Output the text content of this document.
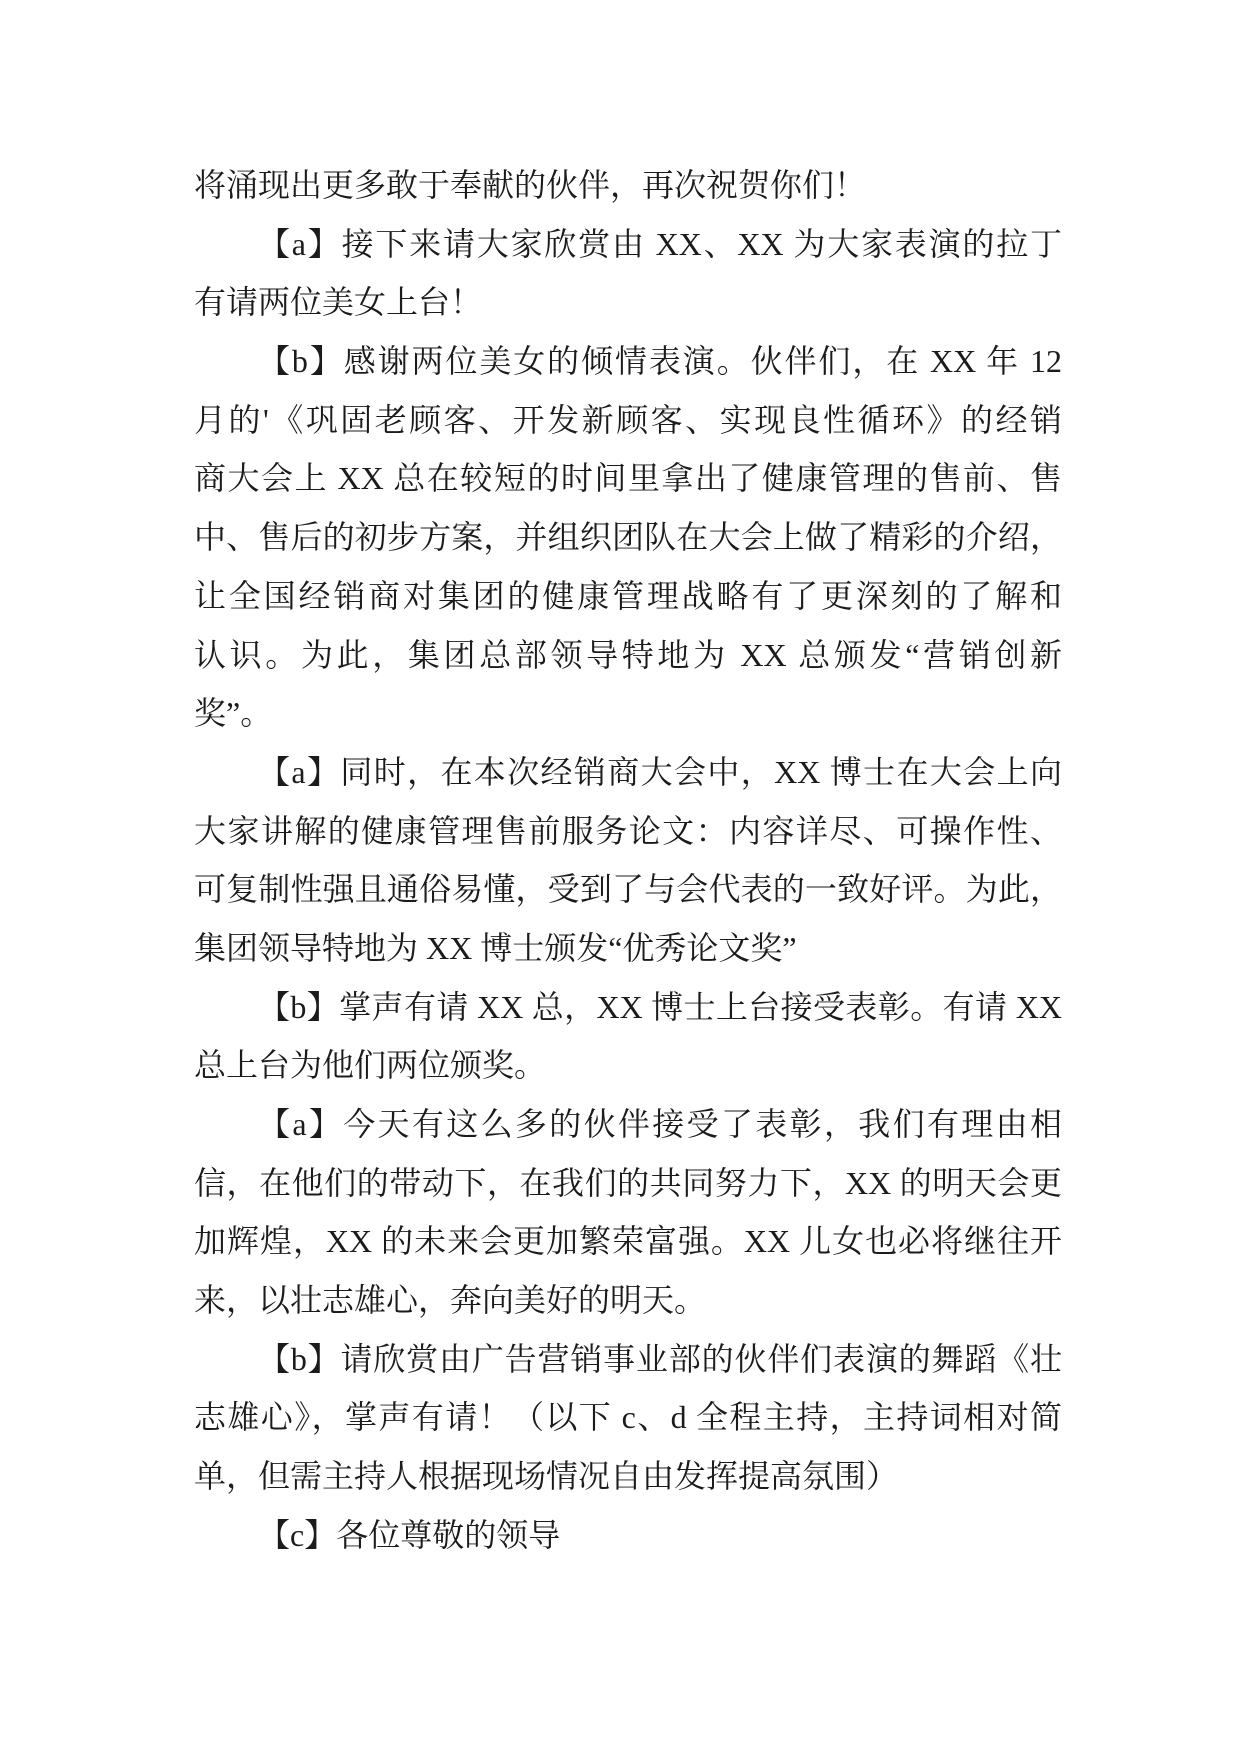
将涌现出更多敢于奉献的伙伴，再次祝贺你们！
【a】接下来请大家欣赏由 XX、XX 为大家表演的拉丁
有请两位美女上台！
【b】感谢两位美女的倾情表演。伙伴们，在 XX 年 12
月的'《巩固老顾客、开发新顾客、实现良性循环》的经销
商大会上 XX 总在较短的时间里拿出了健康管理的售前、售
中、售后的初步方案，并组织团队在大会上做了精彩的介绍，
让全国经销商对集团的健康管理战略有了更深刻的了解和
认识。为此，集团总部领导特地为 XX 总颁发“营销创新
奖”。
【a】同时，在本次经销商大会中，XX 博士在大会上向
大家讲解的健康管理售前服务论文：内容详尽、可操作性、
可复制性强且通俗易懂，受到了与会代表的一致好评。为此，
集团领导特地为 XX 博士颁发“优秀论文奖”
【b】掌声有请 XX 总，XX 博士上台接受表彰。有请 XX
总上台为他们两位颁奖。
【a】今天有这么多的伙伴接受了表彰，我们有理由相
信，在他们的带动下，在我们的共同努力下，XX 的明天会更
加辉煌，XX 的未来会更加繁荣富强。XX 儿女也必将继往开
来，以壮志雄心，奔向美好的明天。
【b】请欣赏由广告营销事业部的伙伴们表演的舞蹈《壮
志雄心》，掌声有请！（以下 c、d 全程主持，主持词相对简
单，但需主持人根据现场情况自由发挥提高氛围）
【c】各位尊敬的领导
